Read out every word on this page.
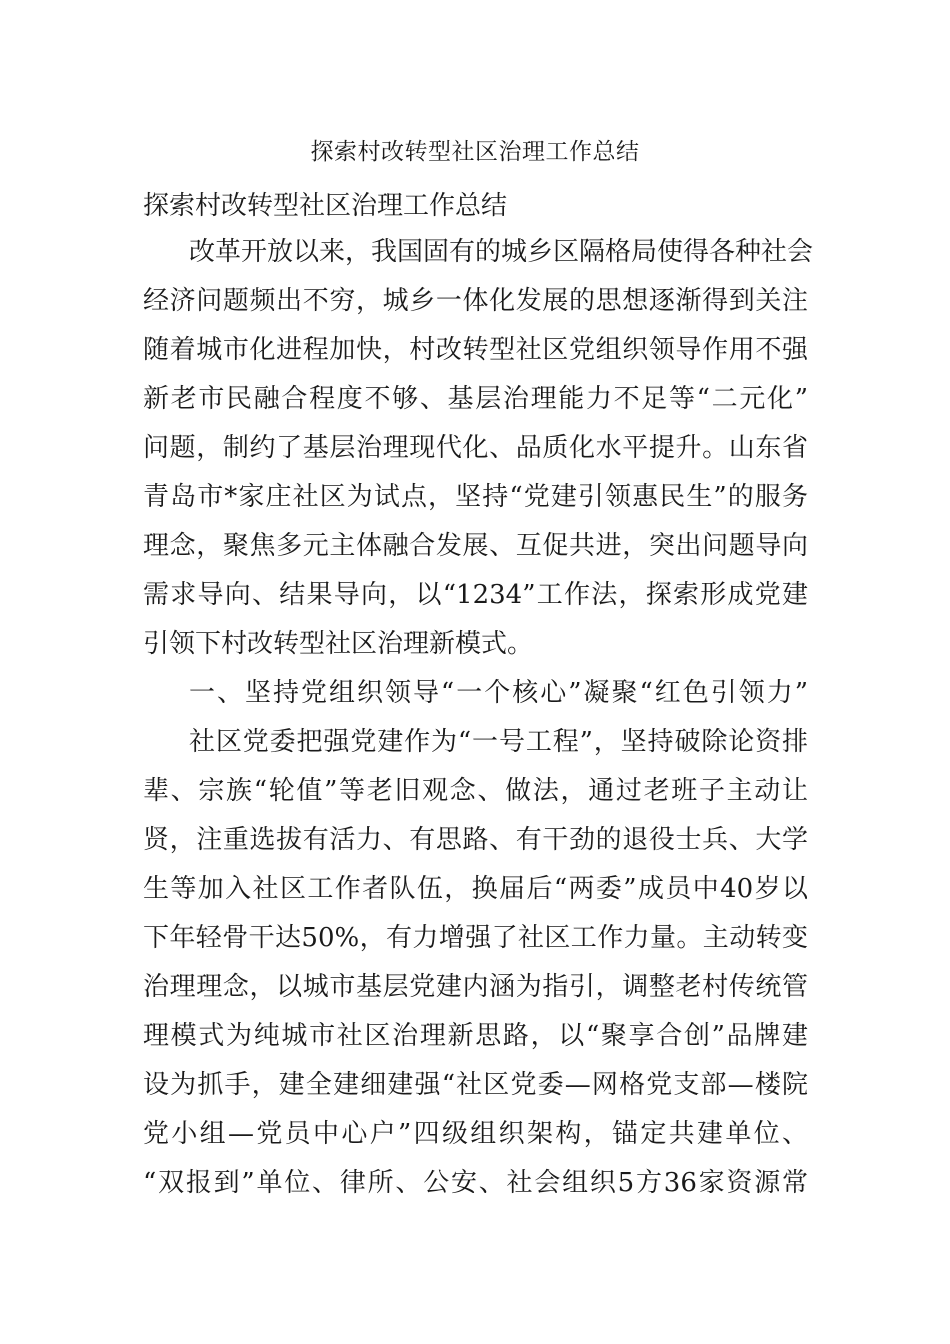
探索村改转型社区治理工作总结

探索村改转型社区治理工作总结

改革开放以来，我国固有的城乡区隔格局使得各种社会

经济问题频出不穷，城乡一体化发展的思想逐渐得到关注

随着城市化进程加快，村改转型社区党组织领导作用不强

新老市民融合程度不够、基层治理能力不足等“二元化”

问题，制约了基层治理现代化、品质化水平提升。山东省

青岛市*家庄社区为试点，坚持“党建引领惠民生”的服务

理念，聚焦多元主体融合发展、互促共进，突出问题导向

需求导向、结果导向，以“1234”工作法，探索形成党建

引领下村改转型社区治理新模式。

一、坚持党组织领导“一个核心”凝聚“红色引领力”

社区党委把强党建作为“一号工程”，坚持破除论资排

辈、宗族“轮值”等老旧观念、做法，通过老班子主动让

贤，注重选拔有活力、有思路、有干劲的退役士兵、大学

生等加入社区工作者队伍，换届后“两委”成员中40岁以

下年轻骨干达50%，有力增强了社区工作力量。主动转变

治理理念，以城市基层党建内涵为指引，调整老村传统管

理模式为纯城市社区治理新思路，以“聚享合创”品牌建

设为抓手，建全建细建强“社区党委—网格党支部—楼院

党小组—党员中心户”四级组织架构，锚定共建单位、

“双报到”单位、律所、公安、社会组织5方36家资源常
